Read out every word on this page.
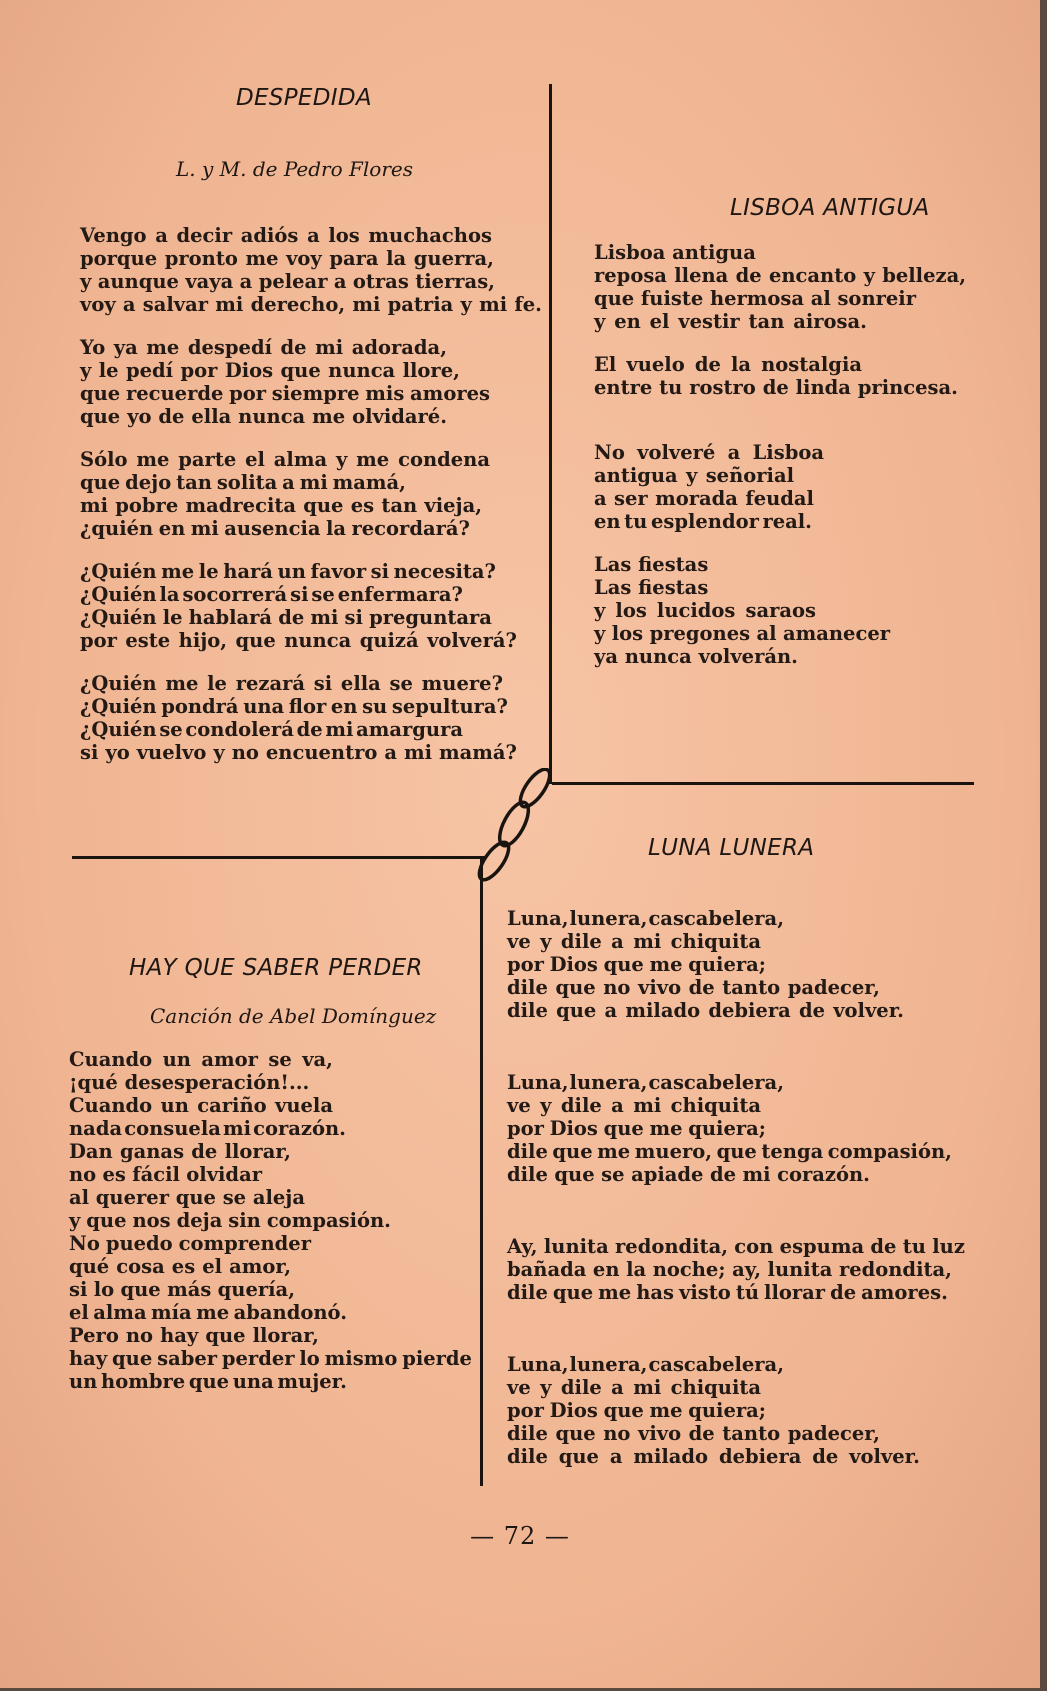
DESPEDIDA
L. y M. de Pedro Flores
Vengo a decir adiós a los muchachos
porque pronto me voy para la guerra,
y aunque vaya a pelear a otras tierras,
voy a salvar mi derecho, mi patria y mi fe.
Yo ya me despedí de mi adorada,
y le pedí por Dios que nunca llore,
que recuerde por siempre mis amores
que yo de ella nunca me olvidaré.
Sólo me parte el alma y me condena
que dejo tan solita a mi mamá,
mi pobre madrecita que es tan vieja,
¿quién en mi ausencia la recordará?
¿Quién me le hará un favor si necesita?
¿Quién la socorrerá si se enfermara?
¿Quién le hablará de mi si preguntara
por este hijo, que nunca quizá volverá?
¿Quién me le rezará si ella se muere?
¿Quién pondrá una flor en su sepultura?
¿Quién se condolerá de mi amargura
si yo vuelvo y no encuentro a mi mamá?
LISBOA ANTIGUA
Lisboa antigua
reposa llena de encanto y belleza,
que fuiste hermosa al sonreir
y en el vestir tan airosa.
El vuelo de la nostalgia
entre tu rostro de linda princesa.
No volveré a Lisboa
antigua y señorial
a ser morada feudal
en tu esplendor real.
Las fiestas
Las fiestas
y los lucidos saraos
y los pregones al amanecer
ya nunca volverán.
HAY QUE SABER PERDER
Canción de Abel Domínguez
Cuando un amor se va,
¡qué desesperación!...
Cuando un cariño vuela
nada consuela mi corazón.
Dan ganas de llorar,
no es fácil olvidar
al querer que se aleja
y que nos deja sin compasión.
No puedo comprender
qué cosa es el amor,
si lo que más quería,
el alma mía me abandonó.
Pero no hay que llorar,
hay que saber perder lo mismo pierde
un hombre que una mujer.
LUNA LUNERA
Luna, lunera, cascabelera,
ve y dile a mi chiquita
por Dios que me quiera;
dile que no vivo de tanto padecer,
dile que a milado debiera de volver.
Luna, lunera, cascabelera,
ve y dile a mi chiquita
por Dios que me quiera;
dile que me muero, que tenga compasión,
dile que se apiade de mi corazón.
Ay, lunita redondita, con espuma de tu luz
bañada en la noche; ay, lunita redondita,
dile que me has visto tú llorar de amores.
Luna, lunera, cascabelera,
ve y dile a mi chiquita
por Dios que me quiera;
dile que no vivo de tanto padecer,
dile que a milado debiera de volver.
— 72 —
